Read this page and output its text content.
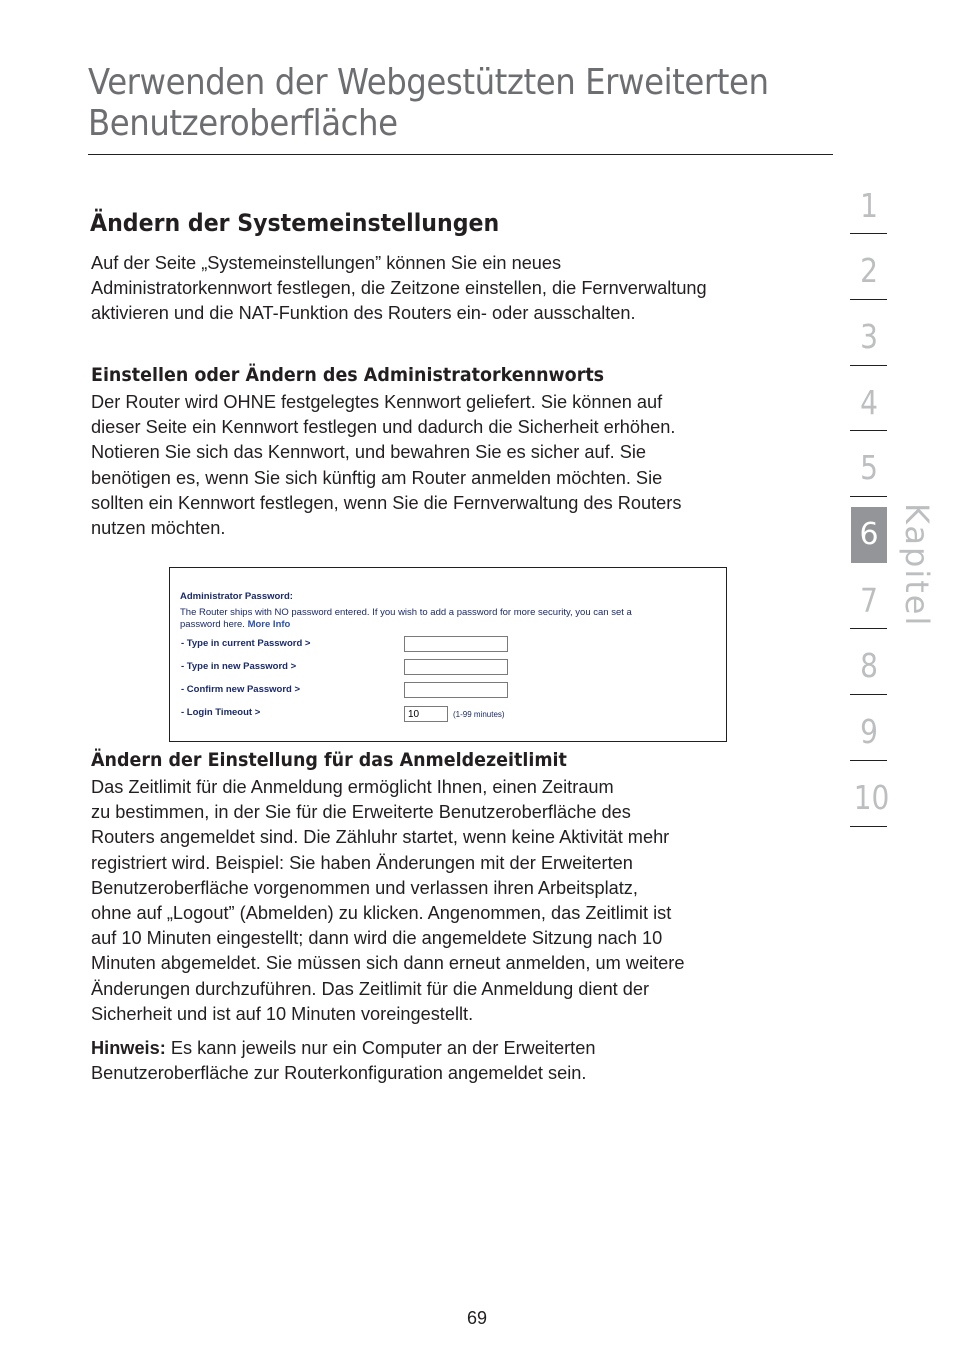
Verwenden der Webgestützten Erweiterten
Benutzeroberfläche
Ändern der Systemeinstellungen
Auf der Seite „Systemeinstellungen” können Sie ein neues
Administratorkennwort festlegen, die Zeitzone einstellen, die Fernverwaltung
aktivieren und die NAT-Funktion des Routers ein- oder ausschalten.
Einstellen oder Ändern des Administratorkennworts
Der Router wird OHNE festgelegtes Kennwort geliefert. Sie können auf
dieser Seite ein Kennwort festlegen und dadurch die Sicherheit erhöhen.
Notieren Sie sich das Kennwort, und bewahren Sie es sicher auf. Sie
benötigen es, wenn Sie sich künftig am Router anmelden möchten. Sie
sollten ein Kennwort festlegen, wenn Sie die Fernverwaltung des Routers
nutzen möchten.
Administrator Password:
The Router ships with NO password entered. If you wish to add a password for more security, you can set a
password here. More Info
- Type in current Password >
- Type in new Password >
- Confirm new Password >
- Login Timeout >
10	(1-99 minutes)
Ändern der Einstellung für das Anmeldezeitlimit
Das Zeitlimit für die Anmeldung ermöglicht Ihnen, einen Zeitraum
zu bestimmen, in der Sie für die Erweiterte Benutzeroberfläche des
Routers angemeldet sind. Die Zähluhr startet, wenn keine Aktivität mehr
registriert wird. Beispiel: Sie haben Änderungen mit der Erweiterten
Benutzeroberfläche vorgenommen und verlassen ihren Arbeitsplatz,
ohne auf „Logout” (Abmelden) zu klicken. Angenommen, das Zeitlimit ist
auf 10 Minuten eingestellt; dann wird die angemeldete Sitzung nach 10
Minuten abgemeldet. Sie müssen sich dann erneut anmelden, um weitere
Änderungen durchzuführen. Das Zeitlimit für die Anmeldung dient der
Sicherheit und ist auf 10 Minuten voreingestellt.
Hinweis: Es kann jeweils nur ein Computer an der Erweiterten
Benutzeroberfläche zur Routerkonfiguration angemeldet sein.
1
2
3
4
5
6
7
8
9
10
Kapitel
69
